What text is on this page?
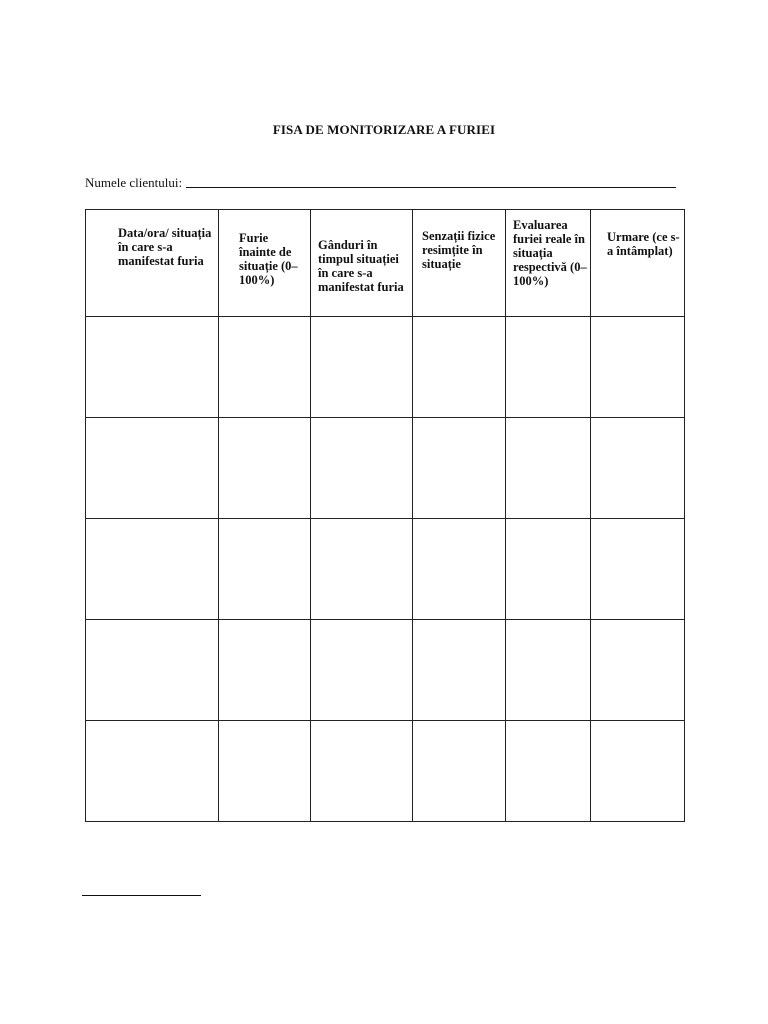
FISA DE MONITORIZARE A FURIEI
Numele clientului:
Data/ora/ situația în care s-a manifestat furia	Furie înainte de situație (0–100%)	Gânduri în timpul situației în care s-a manifestat furia	Senzații fizice resimțite în situație	Evaluarea furiei reale în situația respectivă (0–100%)	Urmare (ce s-a întâmplat)
